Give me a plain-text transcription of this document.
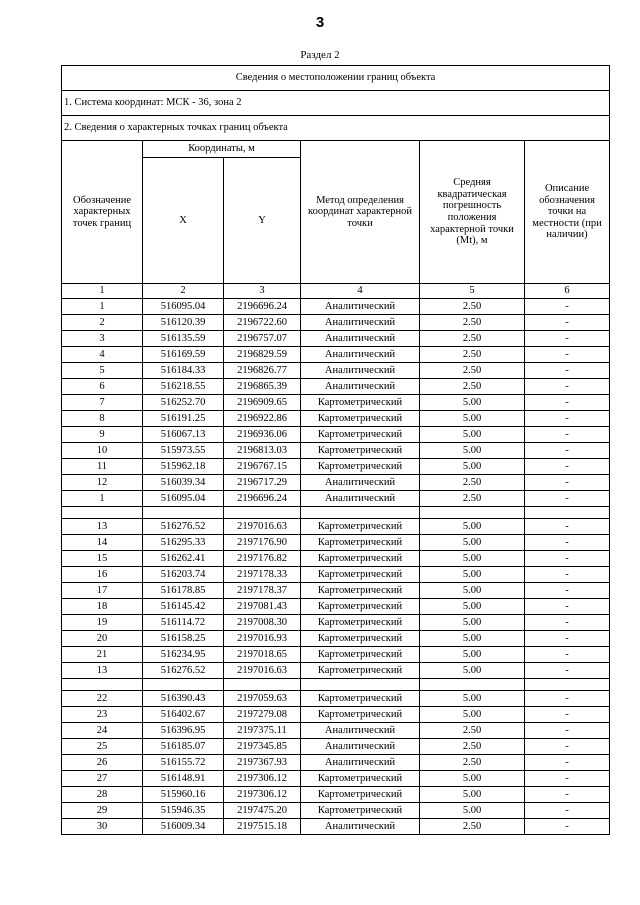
3
Раздел 2
Сведения о местоположении границ объекта					
1. Система координат: МСК - 36, зона 2					
2. Сведения о характерных точках границ объекта					
Обозначение характерных точек границ	Координаты, м		Метод определения координат характерной точки	Средняя квадратическая погрешность положения характерной точки (Mt), м	Описание обозначения точки на местности (при наличии)
	X	Y			
1	2	3	4	5	6
1	516095.04	2196696.24	Аналитический	2.50	-
2	516120.39	2196722.60	Аналитический	2.50	-
3	516135.59	2196757.07	Аналитический	2.50	-
4	516169.59	2196829.59	Аналитический	2.50	-
5	516184.33	2196826.77	Аналитический	2.50	-
6	516218.55	2196865.39	Аналитический	2.50	-
7	516252.70	2196909.65	Картометрический	5.00	-
8	516191.25	2196922.86	Картометрический	5.00	-
9	516067.13	2196936.06	Картометрический	5.00	-
10	515973.55	2196813.03	Картометрический	5.00	-
11	515962.18	2196767.15	Картометрический	5.00	-
12	516039.34	2196717.29	Аналитический	2.50	-
1	516095.04	2196696.24	Аналитический	2.50	-

13	516276.52	2197016.63	Картометрический	5.00	-
14	516295.33	2197176.90	Картометрический	5.00	-
15	516262.41	2197176.82	Картометрический	5.00	-
16	516203.74	2197178.33	Картометрический	5.00	-
17	516178.85	2197178.37	Картометрический	5.00	-
18	516145.42	2197081.43	Картометрический	5.00	-
19	516114.72	2197008.30	Картометрический	5.00	-
20	516158.25	2197016.93	Картометрический	5.00	-
21	516234.95	2197018.65	Картометрический	5.00	-
13	516276.52	2197016.63	Картометрический	5.00	-

22	516390.43	2197059.63	Картометрический	5.00	-
23	516402.67	2197279.08	Картометрический	5.00	-
24	516396.95	2197375.11	Аналитический	2.50	-
25	516185.07	2197345.85	Аналитический	2.50	-
26	516155.72	2197367.93	Аналитический	2.50	-
27	516148.91	2197306.12	Картометрический	5.00	-
28	515960.16	2197306.12	Картометрический	5.00	-
29	515946.35	2197475.20	Картометрический	5.00	-
30	516009.34	2197515.18	Аналитический	2.50	-
